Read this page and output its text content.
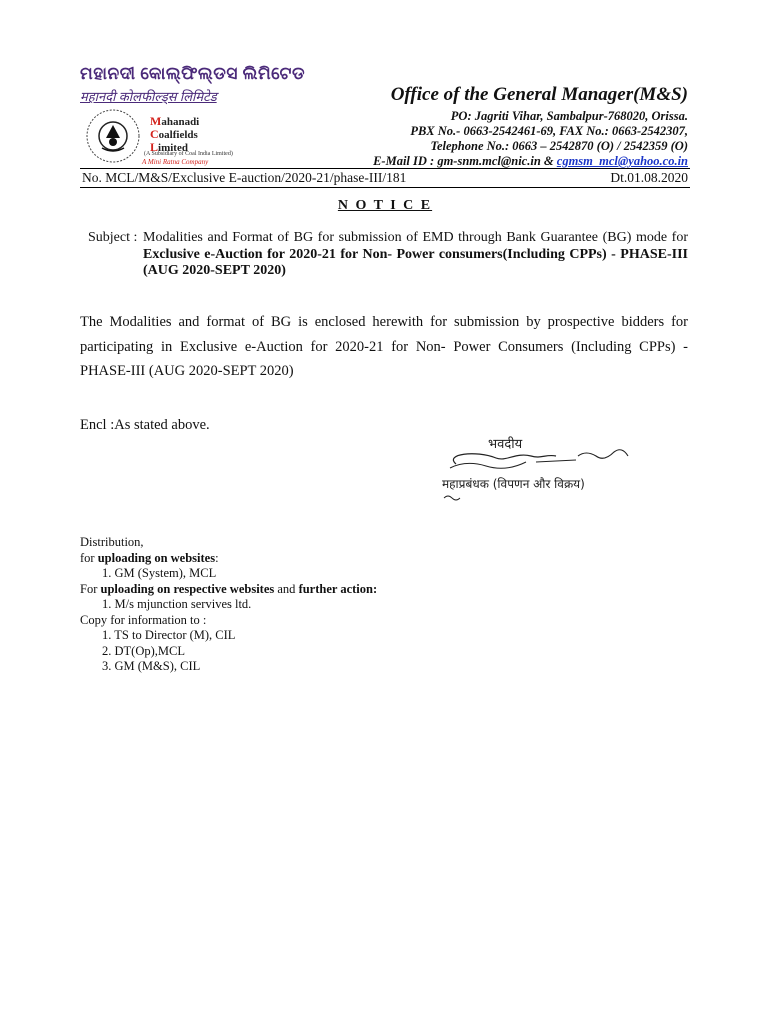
ମହାନଦୀ କୋଲ୍‌ଫିଲ୍ଡସ ଲିମିଟେଡ
महानदी कोलफील्ड्स लिमिटेड
Mahanadi
Coalfields
Limited
(A Subsidiary of Coal India Limited)
A Mini Ratna Company
Office of the General Manager(M&S)
PO: Jagriti Vihar, Sambalpur-768020, Orissa.
PBX No.- 0663-2542461-69, FAX No.: 0663-2542307,
Telephone No.: 0663 – 2542870 (O) / 2542359 (O)
E-Mail ID : gm-snm.mcl@nic.in & cgmsm_mcl@yahoo.co.in
No. MCL/M&S/Exclusive E-auction/2020-21/phase-III/181	Dt.01.08.2020
N O T I C E
Subject : Modalities and Format of BG for submission of EMD through Bank Guarantee (BG) mode for Exclusive e-Auction for 2020-21 for Non- Power consumers(Including CPPs) - PHASE-III (AUG 2020-SEPT 2020)
The Modalities and format of BG is enclosed herewith for submission by prospective bidders for participating in Exclusive e-Auction for 2020-21 for Non- Power Consumers (Including CPPs) - PHASE-III (AUG 2020-SEPT 2020)
Encl :As stated above.
भवदीय
महाप्रबंधक (विपणन और विक्रय)
Distribution,
for uploading on websites:
1. GM (System), MCL
For uploading on respective websites and further action:
1. M/s mjunction servives ltd.
Copy for information to :
1. TS to Director (M), CIL
2. DT(Op),MCL
3. GM (M&S), CIL
